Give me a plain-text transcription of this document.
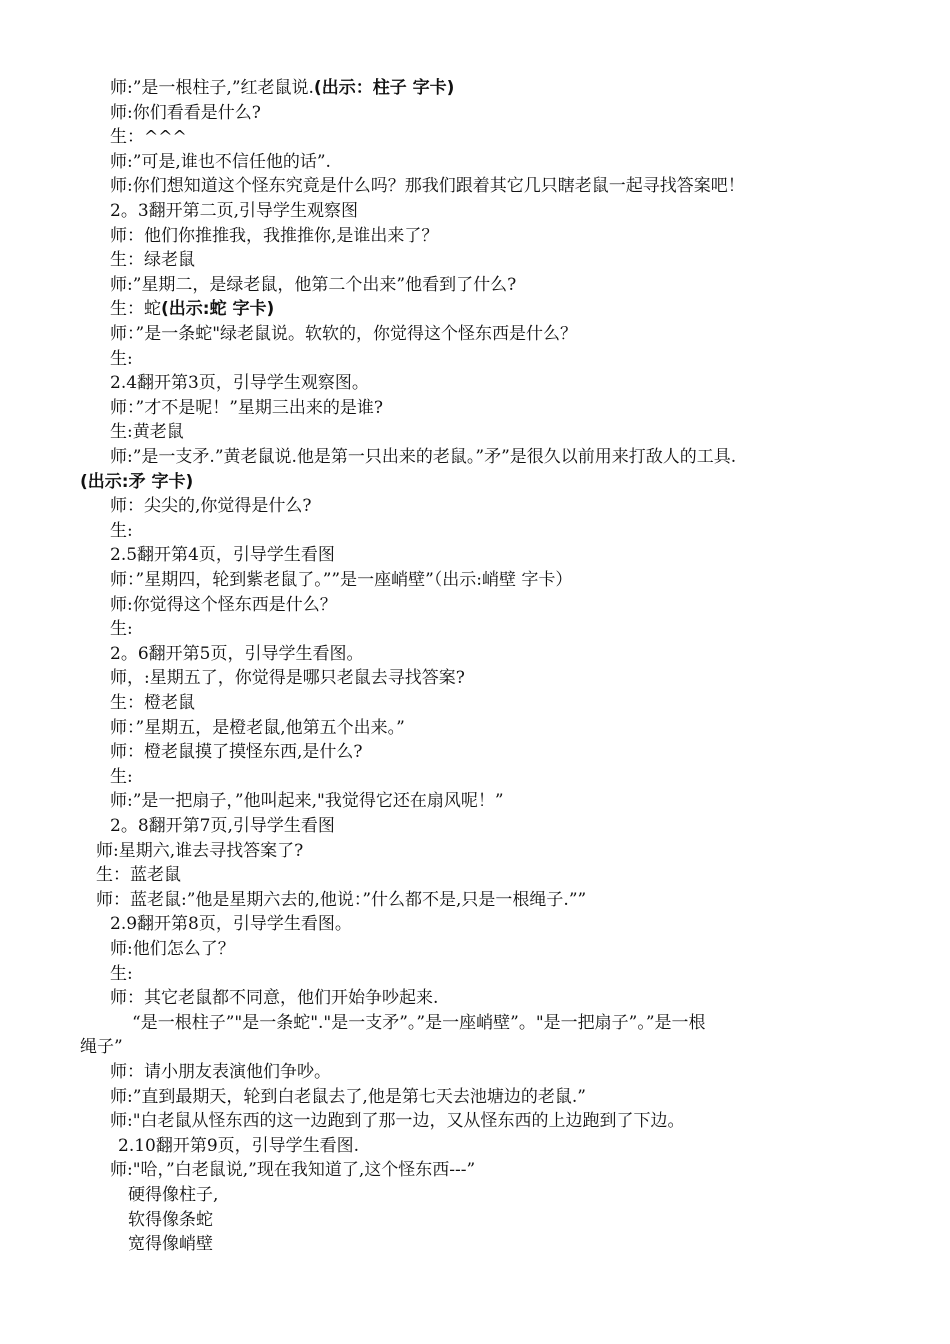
师:”是一根柱子,”红老鼠说.(出示：柱子 字卡)
师:你们看看是什么?
生：^^^
师:”可是,谁也不信任他的话”.
师:你们想知道这个怪东究竟是什么吗？那我们跟着其它几只瞎老鼠一起寻找答案吧！
2。3翻开第二页,引导学生观察图
师：他们你推推我，我推推你,是谁出来了？
生：绿老鼠
师:”星期二，是绿老鼠，他第二个出来”他看到了什么?
生：蛇(出示:蛇 字卡)
师：”是一条蛇"绿老鼠说。软软的，你觉得这个怪东西是什么？
生:
2.4翻开第3页，引导学生观察图。
师：”才不是呢！”星期三出来的是谁?
生:黄老鼠
师:”是一支矛.”黄老鼠说.他是第一只出来的老鼠。”矛”是很久以前用来打敌人的工具.
(出示:矛 字卡)
师：尖尖的,你觉得是什么?
生:
2.5翻开第4页，引导学生看图
师：”星期四，轮到紫老鼠了。””是一座峭壁”（出示:峭壁 字卡）
师:你觉得这个怪东西是什么？
生:
2。6翻开第5页，引导学生看图。
师，:星期五了，你觉得是哪只老鼠去寻找答案?
生：橙老鼠
师：”星期五，是橙老鼠,他第五个出来。”
师：橙老鼠摸了摸怪东西,是什么?
生:
师:”是一把扇子，”他叫起来,"我觉得它还在扇风呢！”
2。8翻开第7页,引导学生看图
师:星期六,谁去寻找答案了?
生：蓝老鼠
师：蓝老鼠:”他是星期六去的,他说：”什么都不是,只是一根绳子.””
2.9翻开第8页，引导学生看图。
师:他们怎么了？
生:
师：其它老鼠都不同意，他们开始争吵起来.
“是一根柱子”"是一条蛇"."是一支矛”。”是一座峭壁”。"是一把扇子”。”是一根
绳子”
师：请小朋友表演他们争吵。
师:”直到最期天，轮到白老鼠去了,他是第七天去池塘边的老鼠.”
师:"白老鼠从怪东西的这一边跑到了那一边，又从怪东西的上边跑到了下边。
2.10翻开第9页，引导学生看图.
师:"哈，”白老鼠说,”现在我知道了,这个怪东西---”
硬得像柱子,
软得像条蛇
宽得像峭壁
